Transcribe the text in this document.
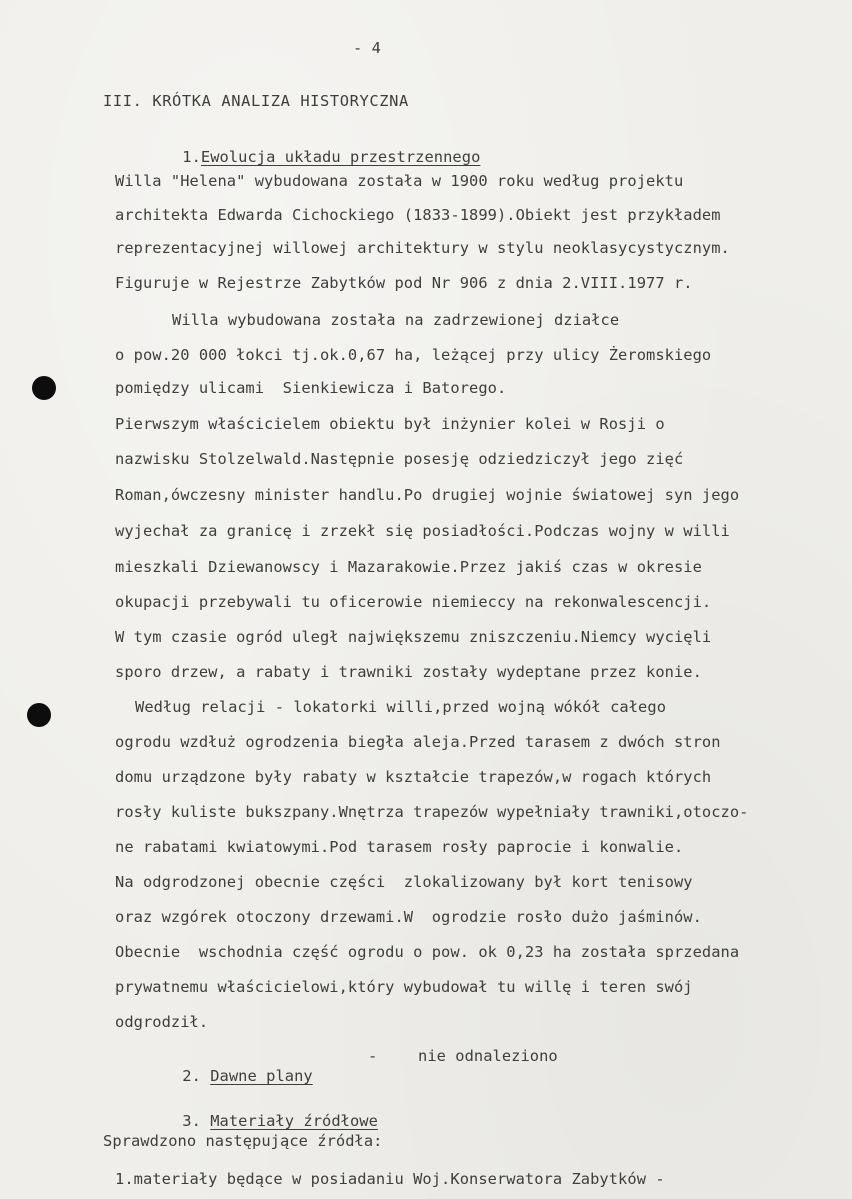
- 4
III. KRÓTKA ANALIZA HISTORYCZNA

1.Ewolucja układu przestrzennego

Willa "Helena" wybudowana została w 1900 roku według projektu
architekta Edwarda Cichockiego (1833-1899).Obiekt jest przykładem
reprezentacyjnej willowej architektury w stylu neoklasycystycznym.
Figuruje w Rejestrze Zabytków pod Nr 906 z dnia 2.VIII.1977 r.
Willa wybudowana została na zadrzewionej działce
o pow.20 000 łokci tj.ok.0,67 ha, leżącej przy ulicy Żeromskiego
pomiędzy ulicami  Sienkiewicza i Batorego.
Pierwszym właścicielem obiektu był inżynier kolei w Rosji o
nazwisku Stolzelwald.Następnie posesję odziedziczył jego zięć
Roman,ówczesny minister handlu.Po drugiej wojnie światowej syn jego
wyjechał za granicę i zrzekł się posiadłości.Podczas wojny w willi
mieszkali Dziewanowscy i Mazarakowie.Przez jakiś czas w okresie
okupacji przebywali tu oficerowie niemieccy na rekonwalescencji.
W tym czasie ogród uległ największemu zniszczeniu.Niemcy wycięli
sporo drzew, a rabaty i trawniki zostały wydeptane przez konie.
Według relacji - lokatorki willi,przed wojną wókół całego
ogrodu wzdłuż ogrodzenia biegła aleja.Przed tarasem z dwóch stron
domu urządzone były rabaty w kształcie trapezów,w rogach których
rosły kuliste bukszpany.Wnętrza trapezów wypełniały trawniki,otoczo-
ne rabatami kwiatowymi.Pod tarasem rosły paprocie i konwalie.
Na odgrodzonej obecnie części  zlokalizowany był kort tenisowy
oraz wzgórek otoczony drzewami.W  ogrodzie rosło dużo jaśminów.
Obecnie  wschodnia część ogrodu o pow. ok 0,23 ha została sprzedana
prywatnemu właścicielowi,który wybudował tu willę i teren swój
odgrodził.

2. Dawne plany

-	nie odnaleziono

3. Materiały źródłowe

Sprawdzono następujące źródła:
1.materiały będące w posiadaniu Woj.Konserwatora Zabytków -
